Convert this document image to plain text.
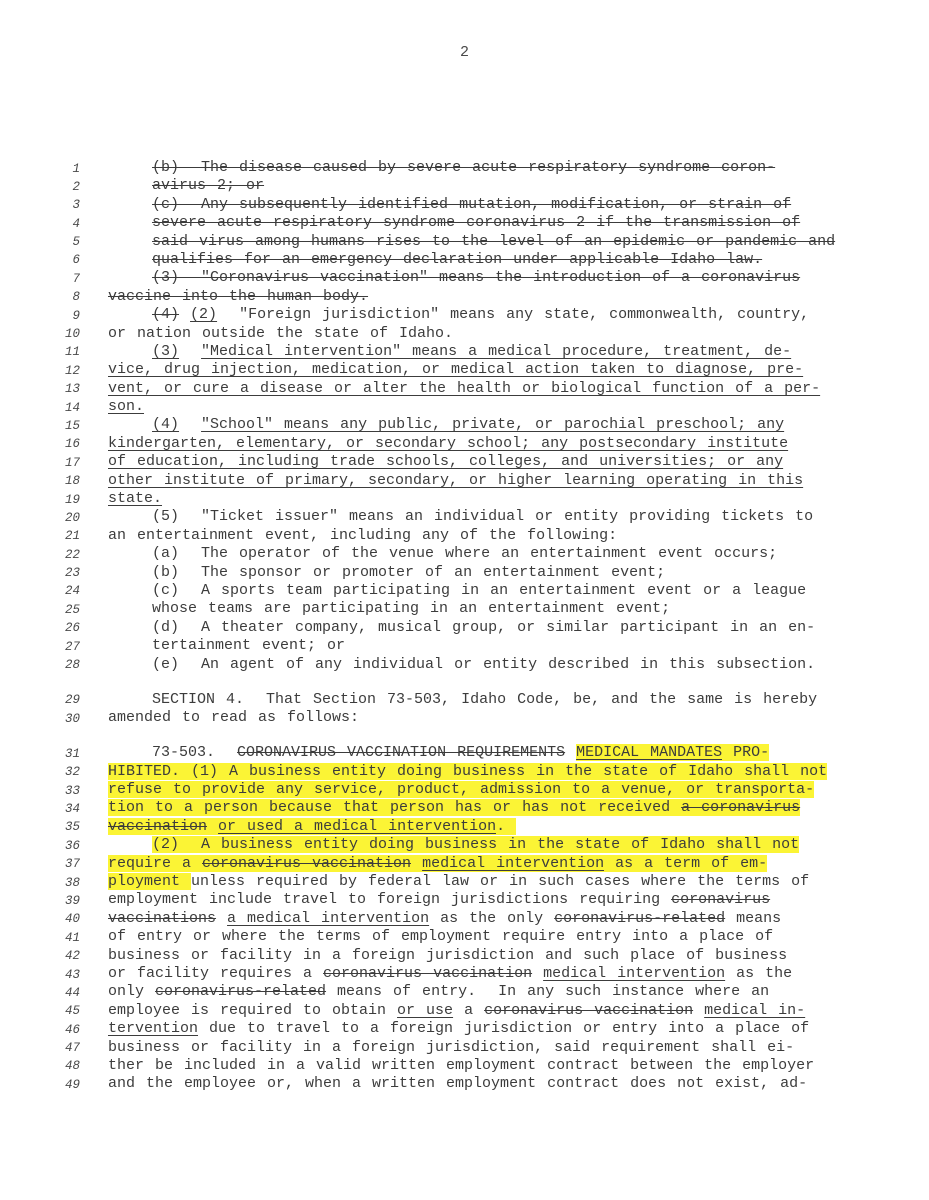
2
1	(b)  The disease caused by severe acute respiratory syndrome coron-
2	avirus 2; or
3	(c)  Any subsequently identified mutation, modification, or strain of
4	severe acute respiratory syndrome coronavirus 2 if the transmission of
5	said virus among humans rises to the level of an epidemic or pandemic and
6	qualifies for an emergency declaration under applicable Idaho law.
7	(3)  "Coronavirus vaccination" means the introduction of a coronavirus
8 vaccine into the human body.
9	(4) (2)  "Foreign jurisdiction" means any state, commonwealth, country,
10 or nation outside the state of Idaho.
11	(3) "Medical intervention" means a medical procedure, treatment, de-
12 vice, drug injection, medication, or medical action taken to diagnose, pre-
13 vent, or cure a disease or alter the health or biological function of a per-
14 son.
15	(4) "School" means any public, private, or parochial preschool; any
16 kindergarten, elementary, or secondary school; any postsecondary institute
17 of education, including trade schools, colleges, and universities; or any
18 other institute of primary, secondary, or higher learning operating in this
19 state.
20	(5)  "Ticket issuer" means an individual or entity providing tickets to
21 an entertainment event, including any of the following:
22	(a)  The operator of the venue where an entertainment event occurs;
23	(b)  The sponsor or promoter of an entertainment event;
24	(c)  A sports team participating in an entertainment event or a league
25	whose teams are participating in an entertainment event;
26	(d)  A theater company, musical group, or similar participant in an en-
27	tertainment event; or
28	(e)  An agent of any individual or entity described in this subsection.
29	SECTION 4.  That Section 73-503, Idaho Code, be, and the same is hereby
30 amended to read as follows:
31 73-503.  CORONAVIRUS VACCINATION REQUIREMENTS MEDICAL MANDATES PRO-
32 HIBITED. (1) A business entity doing business in the state of Idaho shall not
33 refuse to provide any service, product, admission to a venue, or transporta-
34 tion to a person because that person has or has not received a coronavirus
35 vaccination or used a medical intervention.
36	(2)  A business entity doing business in the state of Idaho shall not
37 require a coronavirus vaccination medical intervention as a term of em-
38 ployment unless required by federal law or in such cases where the terms of
39 employment include travel to foreign jurisdictions requiring coronavirus
40 vaccinations a medical intervention as the only coronavirus-related means
41 of entry or where the terms of employment require entry into a place of
42 business or facility in a foreign jurisdiction and such place of business
43 or facility requires a coronavirus vaccination medical intervention as the
44 only coronavirus-related means of entry.  In any such instance where an
45 employee is required to obtain or use a coronavirus vaccination medical in-
46 tervention due to travel to a foreign jurisdiction or entry into a place of
47 business or facility in a foreign jurisdiction, said requirement shall ei-
48 ther be included in a valid written employment contract between the employer
49 and the employee or, when a written employment contract does not exist, ad-
